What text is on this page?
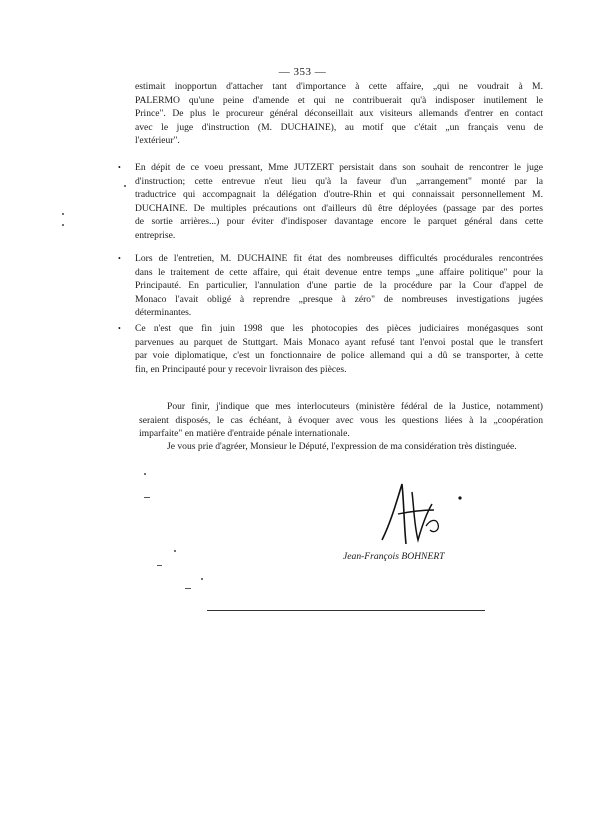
— 353 —
estimait inopportun d'attacher tant d'importance à cette affaire, „qui ne voudrait à M.
PALERMO qu'une peine d'amende et qui ne contribuerait qu'à indisposer inutilement le
Prince". De plus le procureur général déconseillait aux visiteurs allemands d'entrer en contact
avec le juge d'instruction (M. DUCHAINE), au motif que c'était „un français venu de
l'extérieur".
• En dépit de ce voeu pressant, Mme JUTZERT persistait dans son souhait de rencontrer le juge
d'instruction; cette entrevue n'eut lieu qu'à la faveur d'un „arrangement" monté par la
traductrice qui accompagnait la délégation d'outre-Rhin et qui connaissait personnellement M.
DUCHAINE. De multiples précautions ont d'ailleurs dû être déployées (passage par des portes
de sortie arrières...) pour éviter d'indisposer davantage encore le parquet général dans cette
entreprise.
• Lors de l'entretien, M. DUCHAINE fit état des nombreuses difficultés procédurales rencontrées
dans le traitement de cette affaire, qui était devenue entre temps „une affaire politique" pour la
Principauté. En particulier, l'annulation d'une partie de la procédure par la Cour d'appel de
Monaco l'avait obligé à reprendre „presque à zéro" de nombreuses investigations jugées
déterminantes.
• Ce n'est que fin juin 1998 que les photocopies des pièces judiciaires monégasques sont
parvenues au parquet de Stuttgart. Mais Monaco ayant refusé tant l'envoi postal que le transfert
par voie diplomatique, c'est un fonctionnaire de police allemand qui a dû se transporter, à cette
fin, en Principauté pour y recevoir livraison des pièces.
Pour finir, j'indique que mes interlocuteurs (ministère fédéral de la Justice, notamment)
seraient disposés, le cas échéant, à évoquer avec vous les questions liées à la „coopération
imparfaite" en matière d'entraide pénale internationale.
Je vous prie d'agréer, Monsieur le Député, l'expression de ma considération très distinguée.
Jean-François BOHNERT
